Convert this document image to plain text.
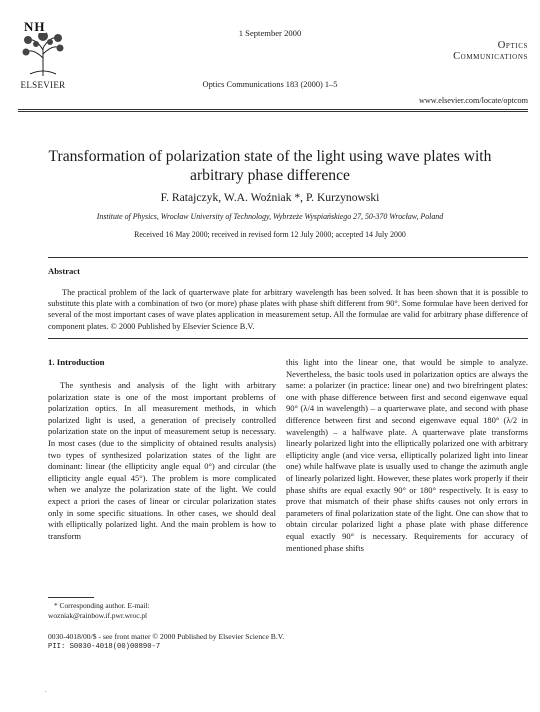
NH
ELSEVIER
1 September 2000
Optics
Communications
Optics Communications 183 (2000) 1–5
www.elsevier.com/locate/optcom
Transformation of polarization state of the light using wave plates with arbitrary phase difference
F. Ratajczyk, W.A. Woźniak *, P. Kurzynowski
Institute of Physics, Wrocław University of Technology, Wybrzeże Wyspiańskiego 27, 50-370 Wrocław, Poland
Received 16 May 2000; received in revised form 12 July 2000; accepted 14 July 2000
Abstract
The practical problem of the lack of quarterwave plate for arbitrary wavelength has been solved. It has been shown that it is possible to substitute this plate with a combination of two (or more) phase plates with phase shift different from 90°. Some formulae have been derived for several of the most important cases of wave plates application in measurement setup. All the formulae are valid for arbitrary phase difference of component plates. © 2000 Published by Elsevier Science B.V.
1. Introduction

The synthesis and analysis of the light with arbitrary polarization state is one of the most important problems of polarization optics. In all measurement methods, in which polarized light is used, a generation of precisely controlled polarization state on the input of measurement setup is necessary. In most cases (due to the simplicity of obtained results analysis) two types of synthesized polarization states of the light are dominant: linear (the ellipticity angle equal 0°) and circular (the ellipticity angle equal 45°). The problem is more complicated when we analyze the polarization state of the light. We could expect a priori the cases of linear or circular polarization states only in some specific situations. In other cases, we should deal with elliptically polarized light. And the main problem is how to transform

this light into the linear one, that would be simple to analyze. Nevertheless, the basic tools used in polarization optics are always the same: a polarizer (in practice: linear one) and two birefringent plates: one with phase difference between first and second eigenwave equal 90° (λ/4 in wavelength) – a quarterwave plate, and second with phase difference between first and second eigenwave equal 180° (λ/2 in wavelength) – a halfwave plate. A quarterwave plate transforms linearly polarized light into the elliptically polarized one with arbitrary ellipticity angle (and vice versa, elliptically polarized light into linear one) while halfwave plate is usually used to change the azimuth angle of linearly polarized light. However, these plates work properly if their phase shifts are equal exactly 90° or 180° respectively. It is easy to prove that mismatch of their phase shifts causes not only errors in parameters of final polarization state of the light. One can show that to obtain circular polarized light a phase plate with phase difference equal exactly 90° is necessary. Requirements for accuracy of mentioned phase shifts

* Corresponding author. E-mail:
wozniak@rainbow.if.pwr.wroc.pl
0030-4018/00/$ - see front matter © 2000 Published by Elsevier Science B.V.
PII: S0030-4018(00)00890-7
.
